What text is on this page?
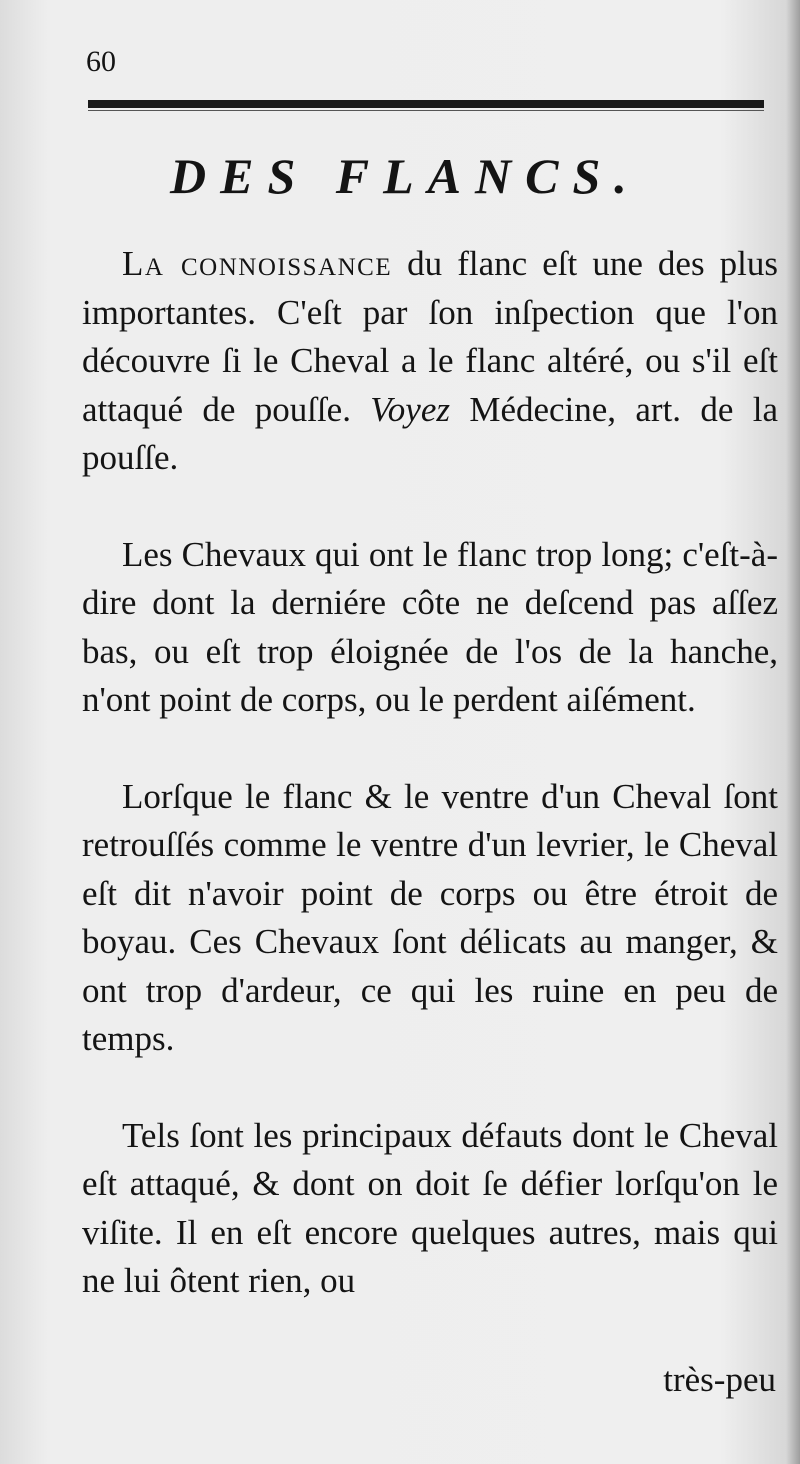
60
DES FLANCS.

La connoissance du flanc eſt une des plus importantes. C'eſt par ſon inſpection que l'on découvre ſi le Cheval a le flanc altéré, ou s'il eſt attaqué de pouſſe. Voyez Médecine, art. de la pouſſe.

Les Chevaux qui ont le flanc trop long; c'eſt-à-dire dont la derniére côte ne deſcend pas aſſez bas, ou eſt trop éloignée de l'os de la hanche, n'ont point de corps, ou le perdent aiſément.

Lorſque le flanc & le ventre d'un Cheval ſont retrouſſés comme le ventre d'un levrier, le Cheval eſt dit n'avoir point de corps ou être étroit de boyau. Ces Chevaux ſont délicats au manger, & ont trop d'ardeur, ce qui les ruine en peu de temps.

Tels ſont les principaux défauts dont le Cheval eſt attaqué, & dont on doit ſe défier lorſqu'on le viſite. Il en eſt encore quelques autres, mais qui ne lui ôtent rien, ou

très-peu
